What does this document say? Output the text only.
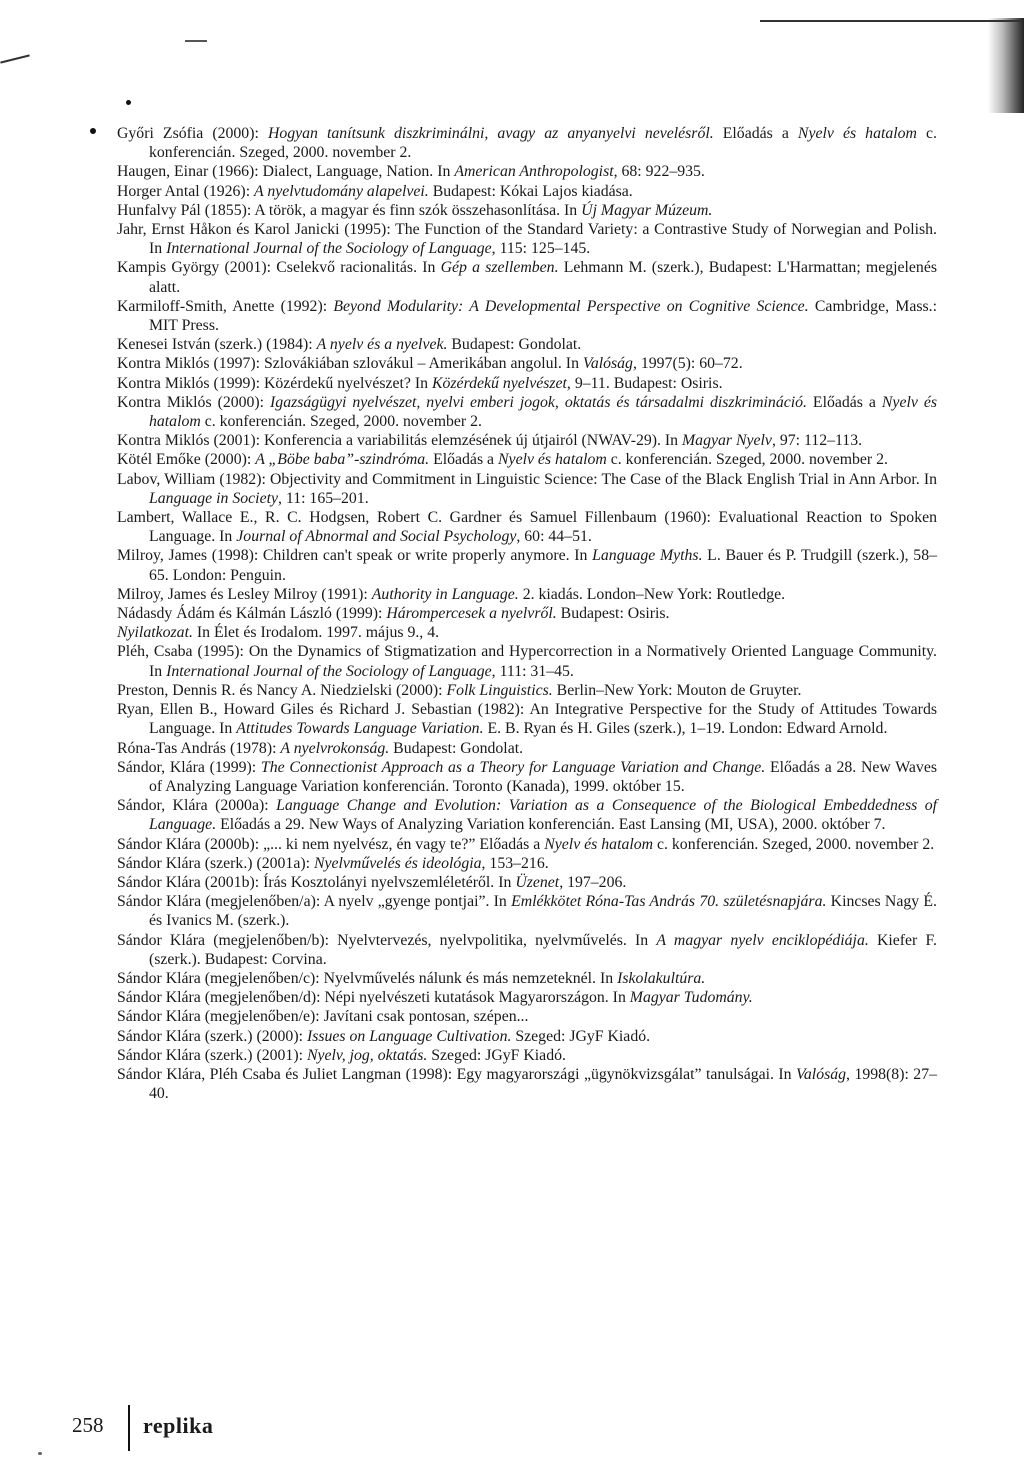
Győri Zsófia (2000): Hogyan tanítsunk diszkriminálni, avagy az anyanyelvi nevelésről. Előadás a Nyelv és hatalom c. konferencián. Szeged, 2000. november 2.

Haugen, Einar (1966): Dialect, Language, Nation. In American Anthropologist, 68: 922–935.

Horger Antal (1926): A nyelvtudomány alapelvei. Budapest: Kókai Lajos kiadása.

Hunfalvy Pál (1855): A török, a magyar és finn szók összehasonlítása. In Új Magyar Múzeum.

Jahr, Ernst Håkon és Karol Janicki (1995): The Function of the Standard Variety: a Contrastive Study of Norwegian and Polish. In International Journal of the Sociology of Language, 115: 125–145.

Kampis György (2001): Cselekvő racionalitás. In Gép a szellemben. Lehmann M. (szerk.), Budapest: L'Harmattan; megjelenés alatt.

Karmiloff-Smith, Anette (1992): Beyond Modularity: A Developmental Perspective on Cognitive Science. Cambridge, Mass.: MIT Press.

Kenesei István (szerk.) (1984): A nyelv és a nyelvek. Budapest: Gondolat.

Kontra Miklós (1997): Szlovákiában szlovákul – Amerikában angolul. In Valóság, 1997(5): 60–72.

Kontra Miklós (1999): Közérdekű nyelvészet? In Közérdekű nyelvészet, 9–11. Budapest: Osiris.

Kontra Miklós (2000): Igazságügyi nyelvészet, nyelvi emberi jogok, oktatás és társadalmi diszkrimináció. Előadás a Nyelv és hatalom c. konferencián. Szeged, 2000. november 2.

Kontra Miklós (2001): Konferencia a variabilitás elemzésének új útjairól (NWAV-29). In Magyar Nyelv, 97: 112–113.

Kötél Emőke (2000): A „Böbe baba”-szindróma. Előadás a Nyelv és hatalom c. konferencián. Szeged, 2000. november 2.

Labov, William (1982): Objectivity and Commitment in Linguistic Science: The Case of the Black English Trial in Ann Arbor. In Language in Society, 11: 165–201.

Lambert, Wallace E., R. C. Hodgsen, Robert C. Gardner és Samuel Fillenbaum (1960): Evaluational Reaction to Spoken Language. In Journal of Abnormal and Social Psychology, 60: 44–51.

Milroy, James (1998): Children can't speak or write properly anymore. In Language Myths. L. Bauer és P. Trudgill (szerk.), 58–65. London: Penguin.

Milroy, James és Lesley Milroy (1991): Authority in Language. 2. kiadás. London–New York: Routledge.

Nádasdy Ádám és Kálmán László (1999): Hárompercesek a nyelvről. Budapest: Osiris.

Nyilatkozat. In Élet és Irodalom. 1997. május 9., 4.

Pléh, Csaba (1995): On the Dynamics of Stigmatization and Hypercorrection in a Normatively Oriented Language Community. In International Journal of the Sociology of Language, 111: 31–45.

Preston, Dennis R. és Nancy A. Niedzielski (2000): Folk Linguistics. Berlin–New York: Mouton de Gruyter.

Ryan, Ellen B., Howard Giles és Richard J. Sebastian (1982): An Integrative Perspective for the Study of Attitudes Towards Language. In Attitudes Towards Language Variation. E. B. Ryan és H. Giles (szerk.), 1–19. London: Edward Arnold.

Róna-Tas András (1978): A nyelvrokonság. Budapest: Gondolat.

Sándor, Klára (1999): The Connectionist Approach as a Theory for Language Variation and Change. Előadás a 28. New Waves of Analyzing Language Variation konferencián. Toronto (Kanada), 1999. október 15.

Sándor, Klára (2000a): Language Change and Evolution: Variation as a Consequence of the Biological Embeddedness of Language. Előadás a 29. New Ways of Analyzing Variation konferencián. East Lansing (MI, USA), 2000. október 7.

Sándor Klára (2000b): „... ki nem nyelvész, én vagy te?” Előadás a Nyelv és hatalom c. konferencián. Szeged, 2000. november 2.

Sándor Klára (szerk.) (2001a): Nyelvművelés és ideológia, 153–216.

Sándor Klára (2001b): Írás Kosztolányi nyelvszemléletéről. In Üzenet, 197–206.

Sándor Klára (megjelenőben/a): A nyelv „gyenge pontjai”. In Emlékkötet Róna-Tas András 70. születésnapjára. Kincses Nagy É. és Ivanics M. (szerk.).

Sándor Klára (megjelenőben/b): Nyelvtervezés, nyelvpolitika, nyelvművelés. In A magyar nyelv enciklopédiája. Kiefer F. (szerk.). Budapest: Corvina.

Sándor Klára (megjelenőben/c): Nyelvművelés nálunk és más nemzeteknél. In Iskolakultúra.

Sándor Klára (megjelenőben/d): Népi nyelvészeti kutatások Magyarországon. In Magyar Tudomány.

Sándor Klára (megjelenőben/e): Javítani csak pontosan, szépen...

Sándor Klára (szerk.) (2000): Issues on Language Cultivation. Szeged: JGyF Kiadó.

Sándor Klára (szerk.) (2001): Nyelv, jog, oktatás. Szeged: JGyF Kiadó.

Sándor Klára, Pléh Csaba és Juliet Langman (1998): Egy magyarországi „ügynökvizsgálat” tanulságai. In Valóság, 1998(8): 27–40.

258 replika
